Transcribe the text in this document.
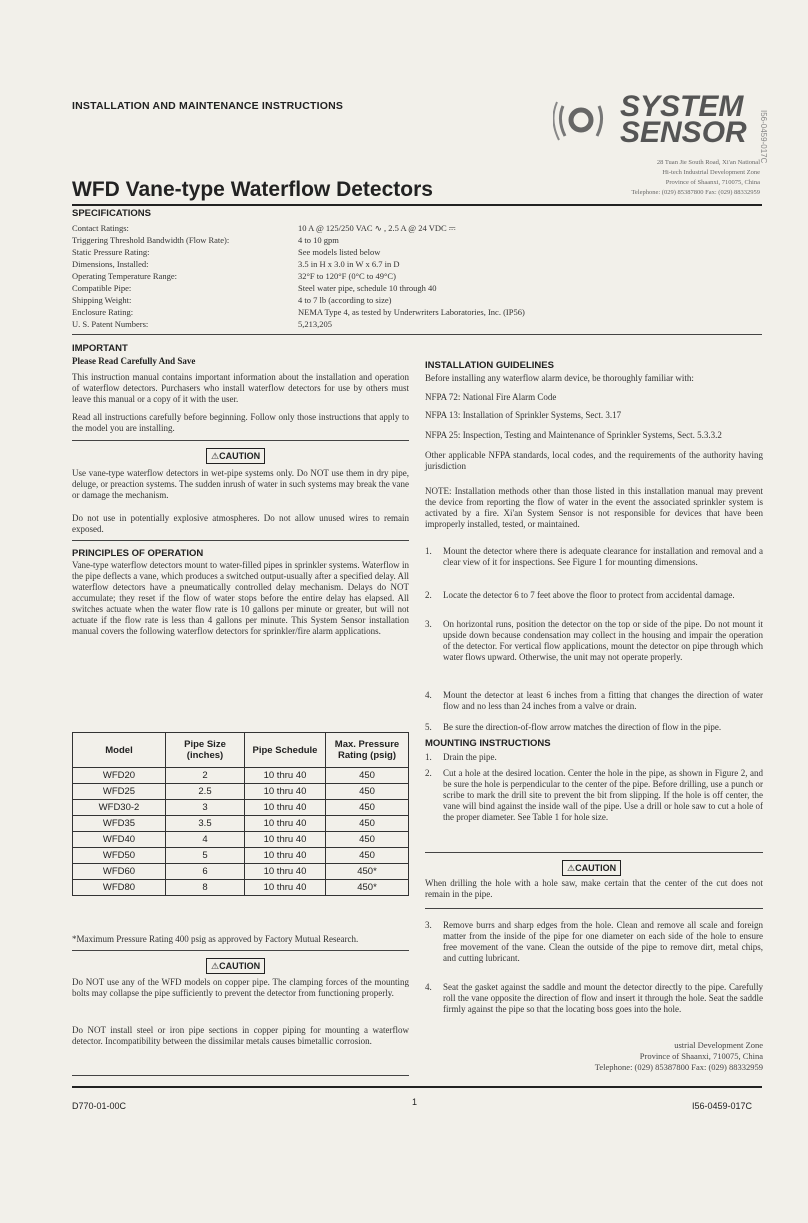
INSTALLATION AND MAINTENANCE INSTRUCTIONS	SYSTEM
SENSOR
28 Tuan Jie South Road, Xi'an National
Hi-tech Industrial Development Zone
Province of Shaanxi, 710075, China
Telephone: (029) 85387800 Fax: (029) 88332959
I56-0459-017C
WFD Vane-type Waterflow Detectors
SPECIFICATIONS
Contact Ratings:	10 A @ 125/250 VAC ∿ , 2.5 A @ 24 VDC ⎓
Triggering Threshold Bandwidth (Flow Rate):	4 to 10 gpm
Static Pressure Rating:	See models listed below
Dimensions, Installed:	3.5 in H x 3.0 in W x 6.7 in D
Operating Temperature Range:	32°F to 120°F (0°C to 49°C)
Compatible Pipe:	Steel water pipe, schedule 10 through 40
Shipping Weight:	4 to 7 lb (according to size)
Enclosure Rating:	NEMA Type 4, as tested by Underwriters Laboratories, Inc. (IP56)
U. S. Patent Numbers:	5,213,205
IMPORTANT
Please Read Carefully And Save
This instruction manual contains important information about the installation and operation of waterflow detectors. Purchasers who install waterflow detectors for use by others must leave this manual or a copy of it with the user.
Read all instructions carefully before beginning. Follow only those instructions that apply to the model you are installing.
⚠CAUTION
Use vane-type waterflow detectors in wet-pipe systems only. Do NOT use them in dry pipe, deluge, or preaction systems. The sudden inrush of water in such systems may break the vane or damage the mechanism.
Do not use in potentially explosive atmospheres. Do not allow unused wires to remain exposed.
PRINCIPLES OF OPERATION
Vane-type waterflow detectors mount to water-filled pipes in sprinkler systems. Waterflow in the pipe deflects a vane, which produces a switched output-usually after a specified delay. All waterflow detectors have a pneumatically controlled delay mechanism. Delays do NOT accumulate; they reset if the flow of water stops before the entire delay has elapsed. All switches actuate when the water flow rate is 10 gallons per minute or greater, but will not actuate if the flow rate is less than 4 gallons per minute. This System Sensor installation manual covers the following waterflow detectors for sprinkler/fire alarm applications.
Model	Pipe Size (inches)	Pipe Schedule	Max. Pressure Rating (psig)
WFD20	2	10 thru 40	450
WFD25	2.5	10 thru 40	450
WFD30-2	3	10 thru 40	450
WFD35	3.5	10 thru 40	450
WFD40	4	10 thru 40	450
WFD50	5	10 thru 40	450
WFD60	6	10 thru 40	450*
WFD80	8	10 thru 40	450*
*Maximum Pressure Rating 400 psig as approved by Factory Mutual Research.
⚠CAUTION
Do NOT use any of the WFD models on copper pipe. The clamping forces of the mounting bolts may collapse the pipe sufficiently to prevent the detector from functioning properly.
Do NOT install steel or iron pipe sections in copper piping for mounting a waterflow detector. Incompatibility between the dissimilar metals causes bimetallic corrosion.
INSTALLATION GUIDELINES
Before installing any waterflow alarm device, be thoroughly familiar with:
NFPA 72: National Fire Alarm Code
NFPA 13: Installation of Sprinkler Systems, Sect. 3.17
NFPA 25: Inspection, Testing and Maintenance of Sprinkler Systems, Sect. 5.3.3.2
Other applicable NFPA standards, local codes, and the requirements of the authority having jurisdiction
NOTE: Installation methods other than those listed in this installation manual may prevent the device from reporting the flow of water in the event the associated sprinkler system is activated by a fire. Xi'an System Sensor is not responsible for devices that have been improperly installed, tested, or maintained.
1.	Mount the detector where there is adequate clearance for installation and removal and a clear view of it for inspections. See Figure 1 for mounting dimensions.
2.	Locate the detector 6 to 7 feet above the floor to protect from accidental damage.
3.	On horizontal runs, position the detector on the top or side of the pipe. Do not mount it upside down because condensation may collect in the housing and impair the operation of the detector. For vertical flow applications, mount the detector on pipe through which water flows upward. Otherwise, the unit may not operate properly.
4.	Mount the detector at least 6 inches from a fitting that changes the direction of water flow and no less than 24 inches from a valve or drain.
5.	Be sure the direction-of-flow arrow matches the direction of flow in the pipe.
MOUNTING INSTRUCTIONS
1.	Drain the pipe.
2.	Cut a hole at the desired location. Center the hole in the pipe, as shown in Figure 2, and be sure the hole is perpendicular to the center of the pipe. Before drilling, use a punch or scribe to mark the drill site to prevent the bit from slipping. If the hole is off center, the vane will bind against the inside wall of the pipe. Use a drill or hole saw to cut a hole of the proper diameter. See Table 1 for hole size.
⚠CAUTION
When drilling the hole with a hole saw, make certain that the center of the cut does not remain in the pipe.
3.	Remove burrs and sharp edges from the hole. Clean and remove all scale and foreign matter from the inside of the pipe for one diameter on each side of the hole to ensure free movement of the vane. Clean the outside of the pipe to remove dirt, metal chips, and cutting lubricant.
4.	Seat the gasket against the saddle and mount the detector directly to the pipe. Carefully roll the vane opposite the direction of flow and insert it through the hole. Seat the saddle firmly against the pipe so that the locating boss goes into the hole.
ustrial Development Zone
Province of Shaanxi, 710075, China
Telephone: (029) 85387800 Fax: (029) 88332959
D770-01-00C	1	I56-0459-017C
